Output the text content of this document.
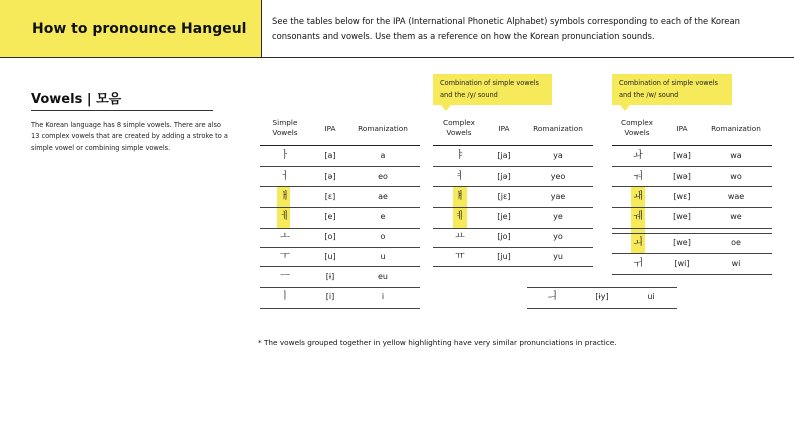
How to pronounce Hangeul	See the tables below for the IPA (International Phonetic Alphabet) symbols corresponding to each of the Korean consonants and vowels. Use them as a reference on how the Korean pronunciation sounds.
Vowels | 모음
The Korean language has 8 simple vowels. There are also 13 complex vowels that are created by adding a stroke to a simple vowel or combining simple vowels.
Combination of simple vowels and the /y/ sound
Combination of simple vowels and the /w/ sound
Simple Vowels	IPA	Romanization
ㅏ	[a]	a
ㅓ	[ə]	eo
ㅐ	[ɛ]	ae
ㅔ	[e]	e
ㅗ	[o]	o
ㅜ	[u]	u
ㅡ	[ɨ]	eu
ㅣ	[i]	i
Complex Vowels	IPA	Romanization
ㅑ	[ja]	ya
ㅕ	[jə]	yeo
ㅒ	[jɛ]	yae
ㅖ	[je]	ye
ㅛ	[jo]	yo
ㅠ	[ju]	yu
Complex Vowels	IPA	Romanization
ㅘ	[wa]	wa
ㅝ	[wə]	wo
ㅙ	[wɛ]	wae
ㅞ	[we]	we
ㅚ	[we]	oe
ㅟ	[wi]	wi
ㅢ	[ɨy]	ui
* The vowels grouped together in yellow highlighting have very similar pronunciations in practice.
